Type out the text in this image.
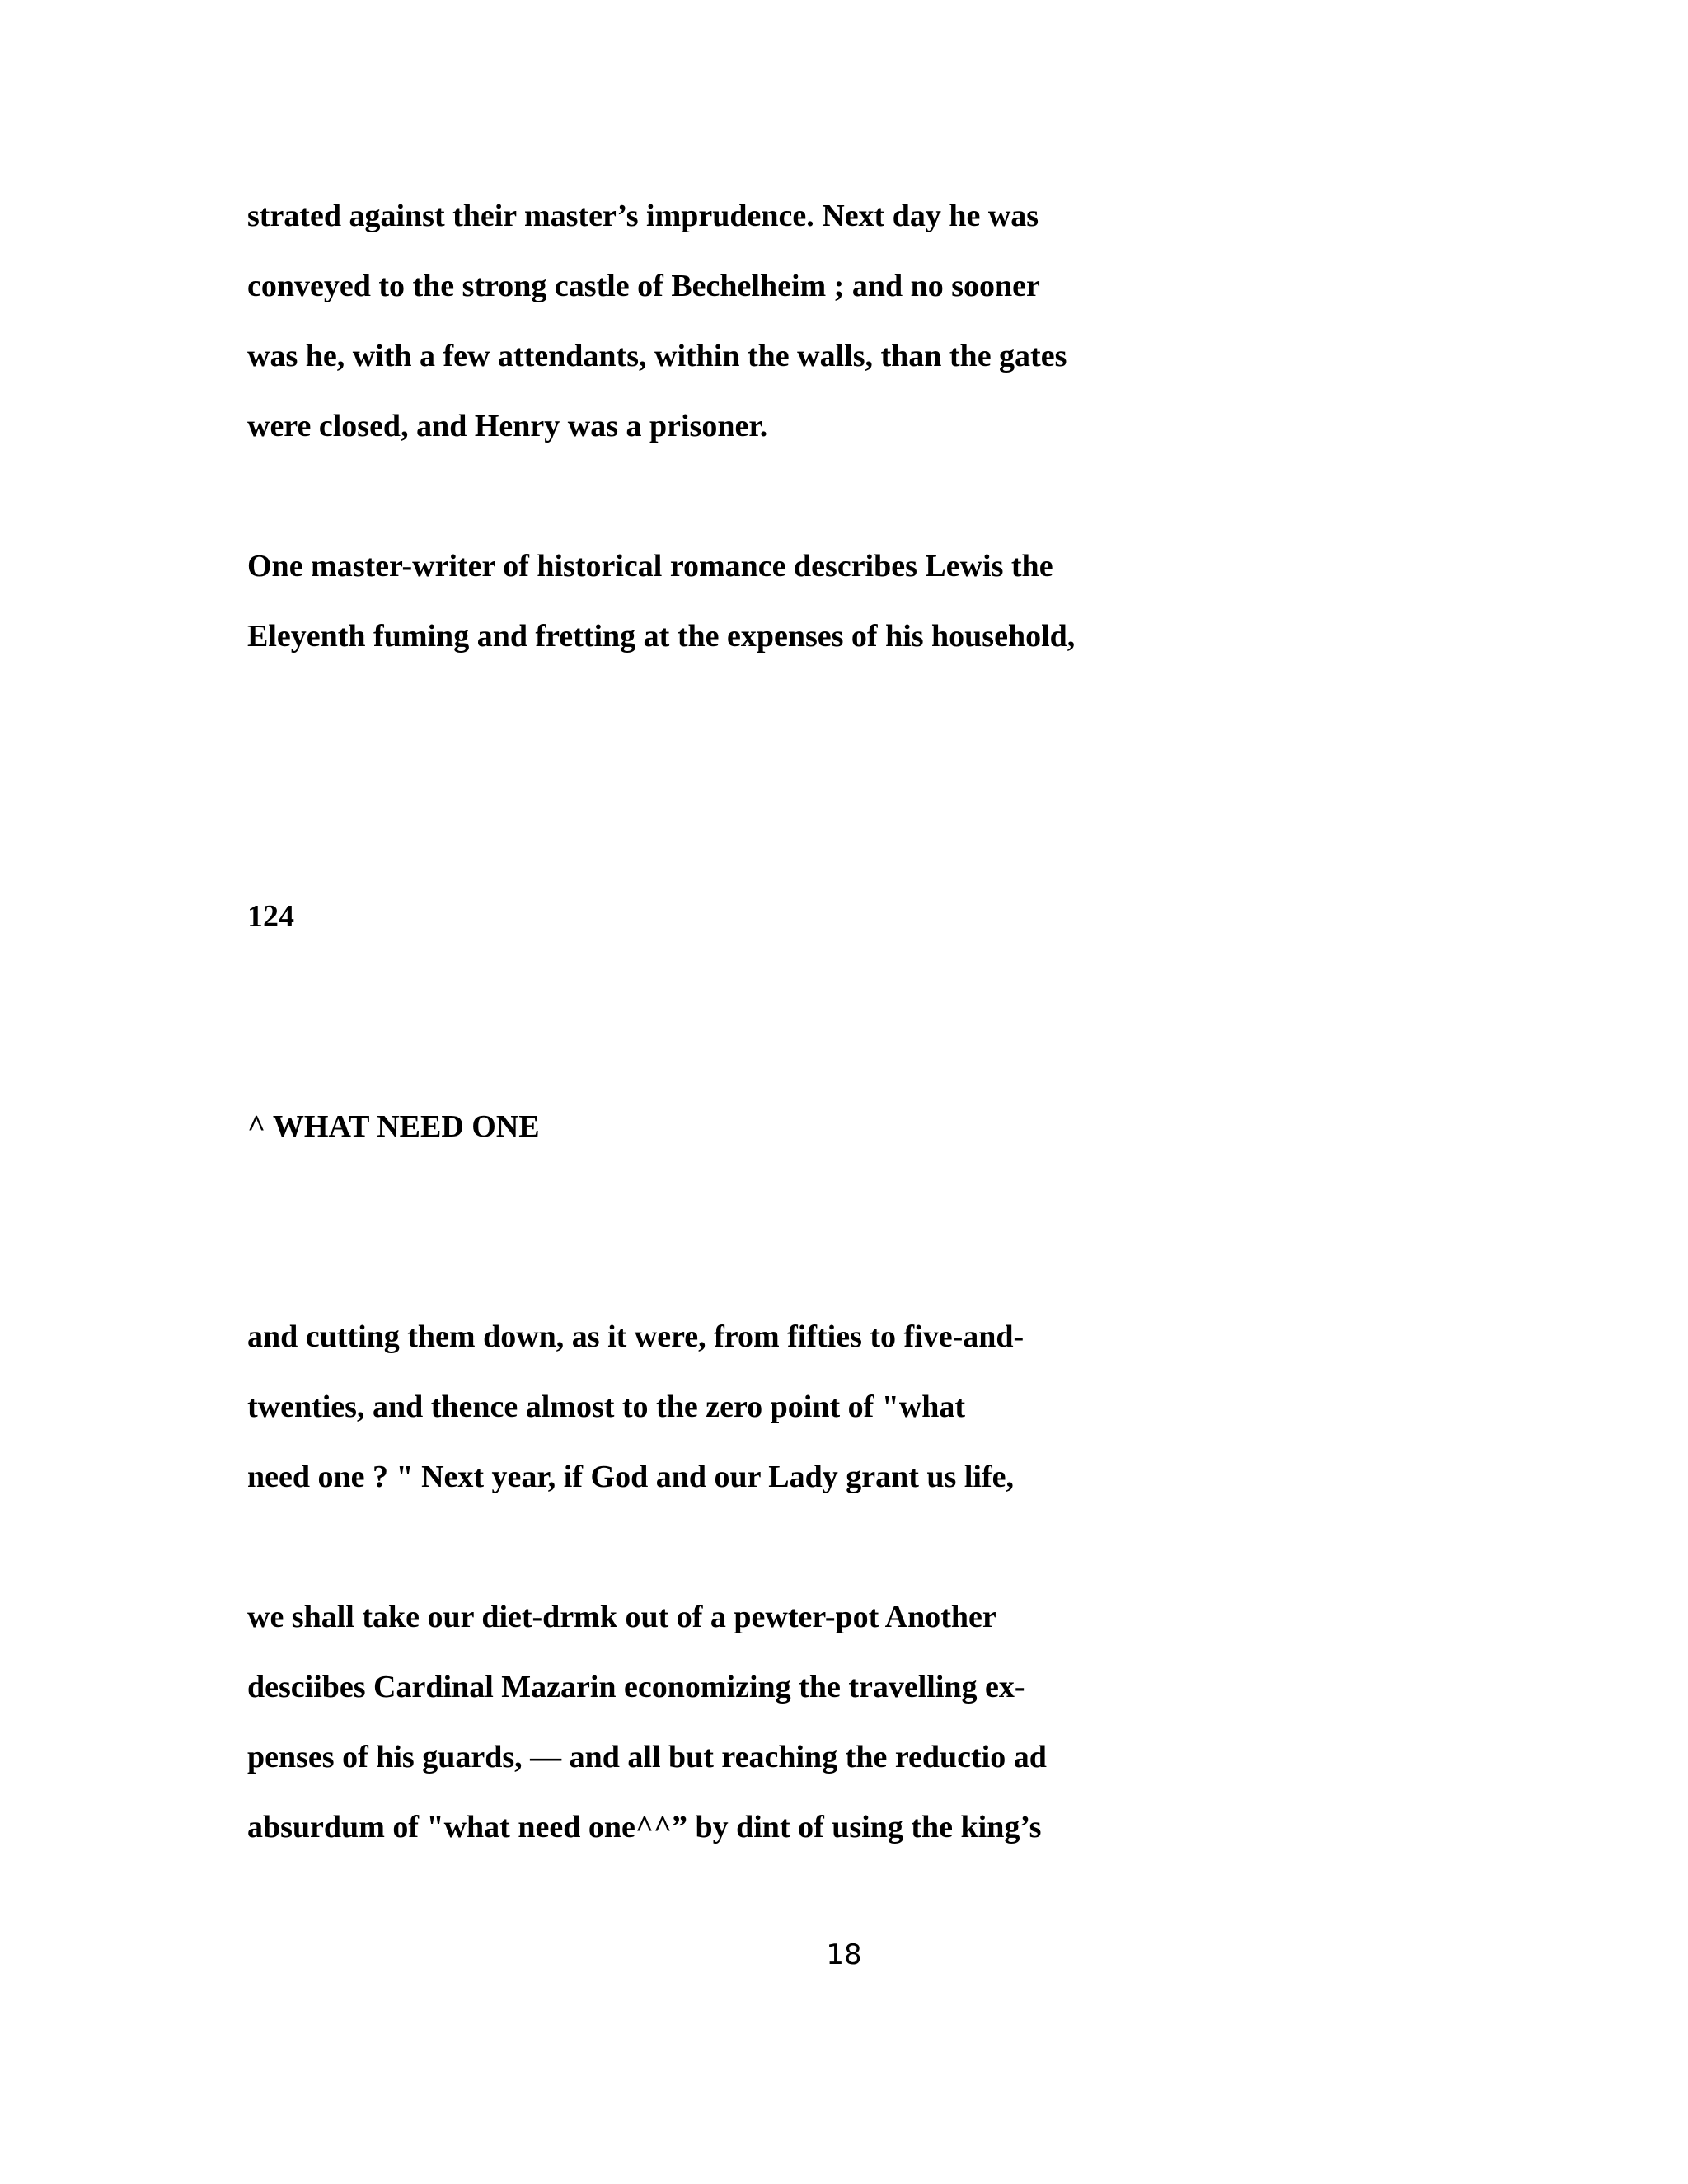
strated against their master’s imprudence. Next day he was

conveyed to the strong castle of Bechelheim ; and no sooner

was he, with a few attendants, within the walls, than the gates

were closed, and Henry was a prisoner.

One master-writer of historical romance describes Lewis the

Eleyenth fuming and fretting at the expenses of his household,

124

^ WHAT NEED ONE

and cutting them down, as it were, from fifties to five-and-

twenties, and thence almost to the zero point of "what

need one ? " Next year, if God and our Lady grant us life,

we shall take our diet-drmk out of a pewter-pot Another

desciibes Cardinal Mazarin economizing the travelling ex-

penses of his guards, — and all but reaching the reductio ad

absurdum of "what need one^^” by dint of using the king’s

18
